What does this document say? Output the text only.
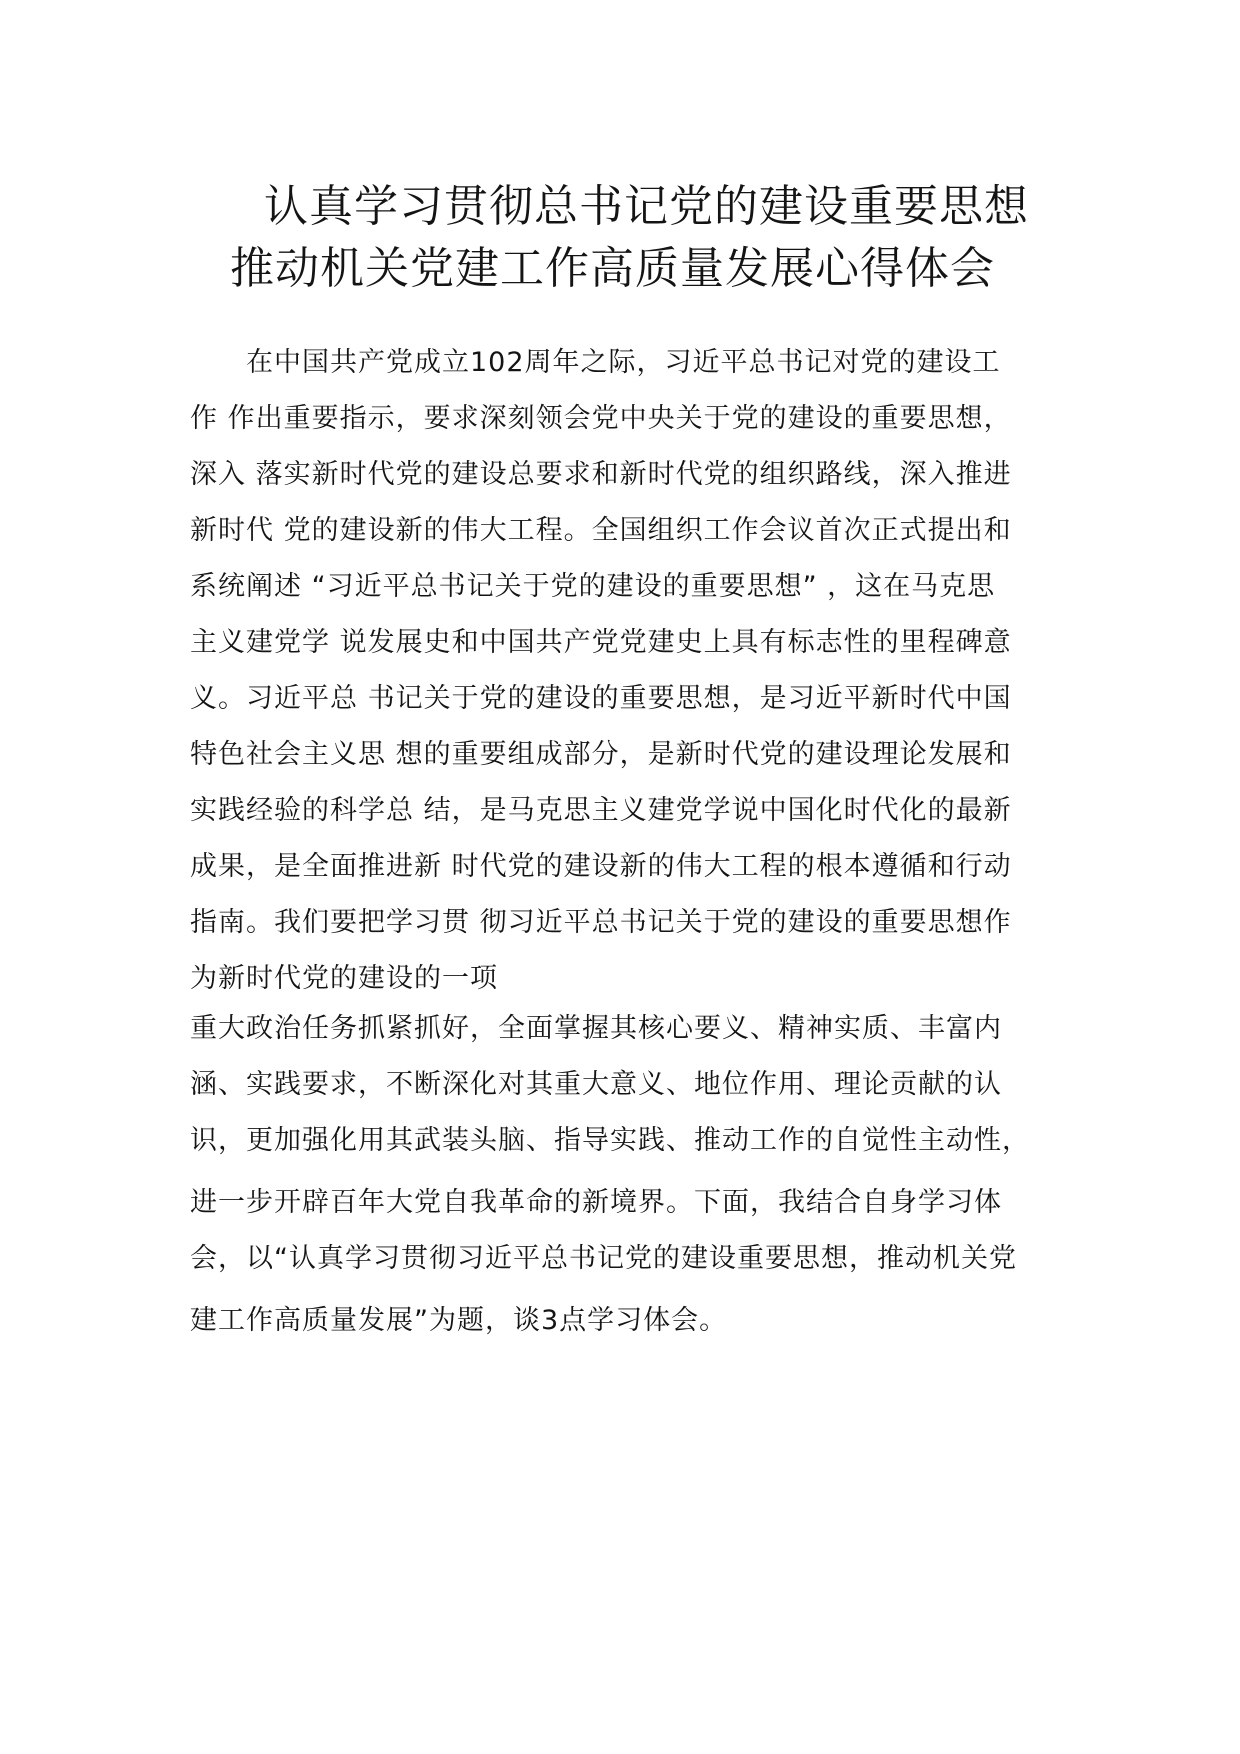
认真学习贯彻总书记党的建设重要思想
推动机关党建工作高质量发展心得体会
在中国共产党成立102周年之际，习近平总书记对党的建设工
作 作出重要指示，要求深刻领会党中央关于党的建设的重要思想，
深入 落实新时代党的建设总要求和新时代党的组织路线，深入推进
新时代 党的建设新的伟大工程。全国组织工作会议首次正式提出和
系统阐述 “习近平总书记关于党的建设的重要思想” ，这在马克思
主义建党学 说发展史和中国共产党党建史上具有标志性的里程碑意
义。习近平总 书记关于党的建设的重要思想，是习近平新时代中国
特色社会主义思 想的重要组成部分，是新时代党的建设理论发展和
实践经验的科学总 结，是马克思主义建党学说中国化时代化的最新
成果，是全面推进新 时代党的建设新的伟大工程的根本遵循和行动
指南。我们要把学习贯 彻习近平总书记关于党的建设的重要思想作
为新时代党的建设的一项
重大政治任务抓紧抓好，全面掌握其核心要义、精神实质、丰富内
涵、实践要求，不断深化对其重大意义、地位作用、理论贡献的认
识，更加强化用其武装头脑、指导实践、推动工作的自觉性主动性，
进一步开辟百年大党自我革命的新境界。下面，我结合自身学习体
会，以“认真学习贯彻习近平总书记党的建设重要思想，推动机关党
建工作高质量发展”为题，谈3点学习体会。
